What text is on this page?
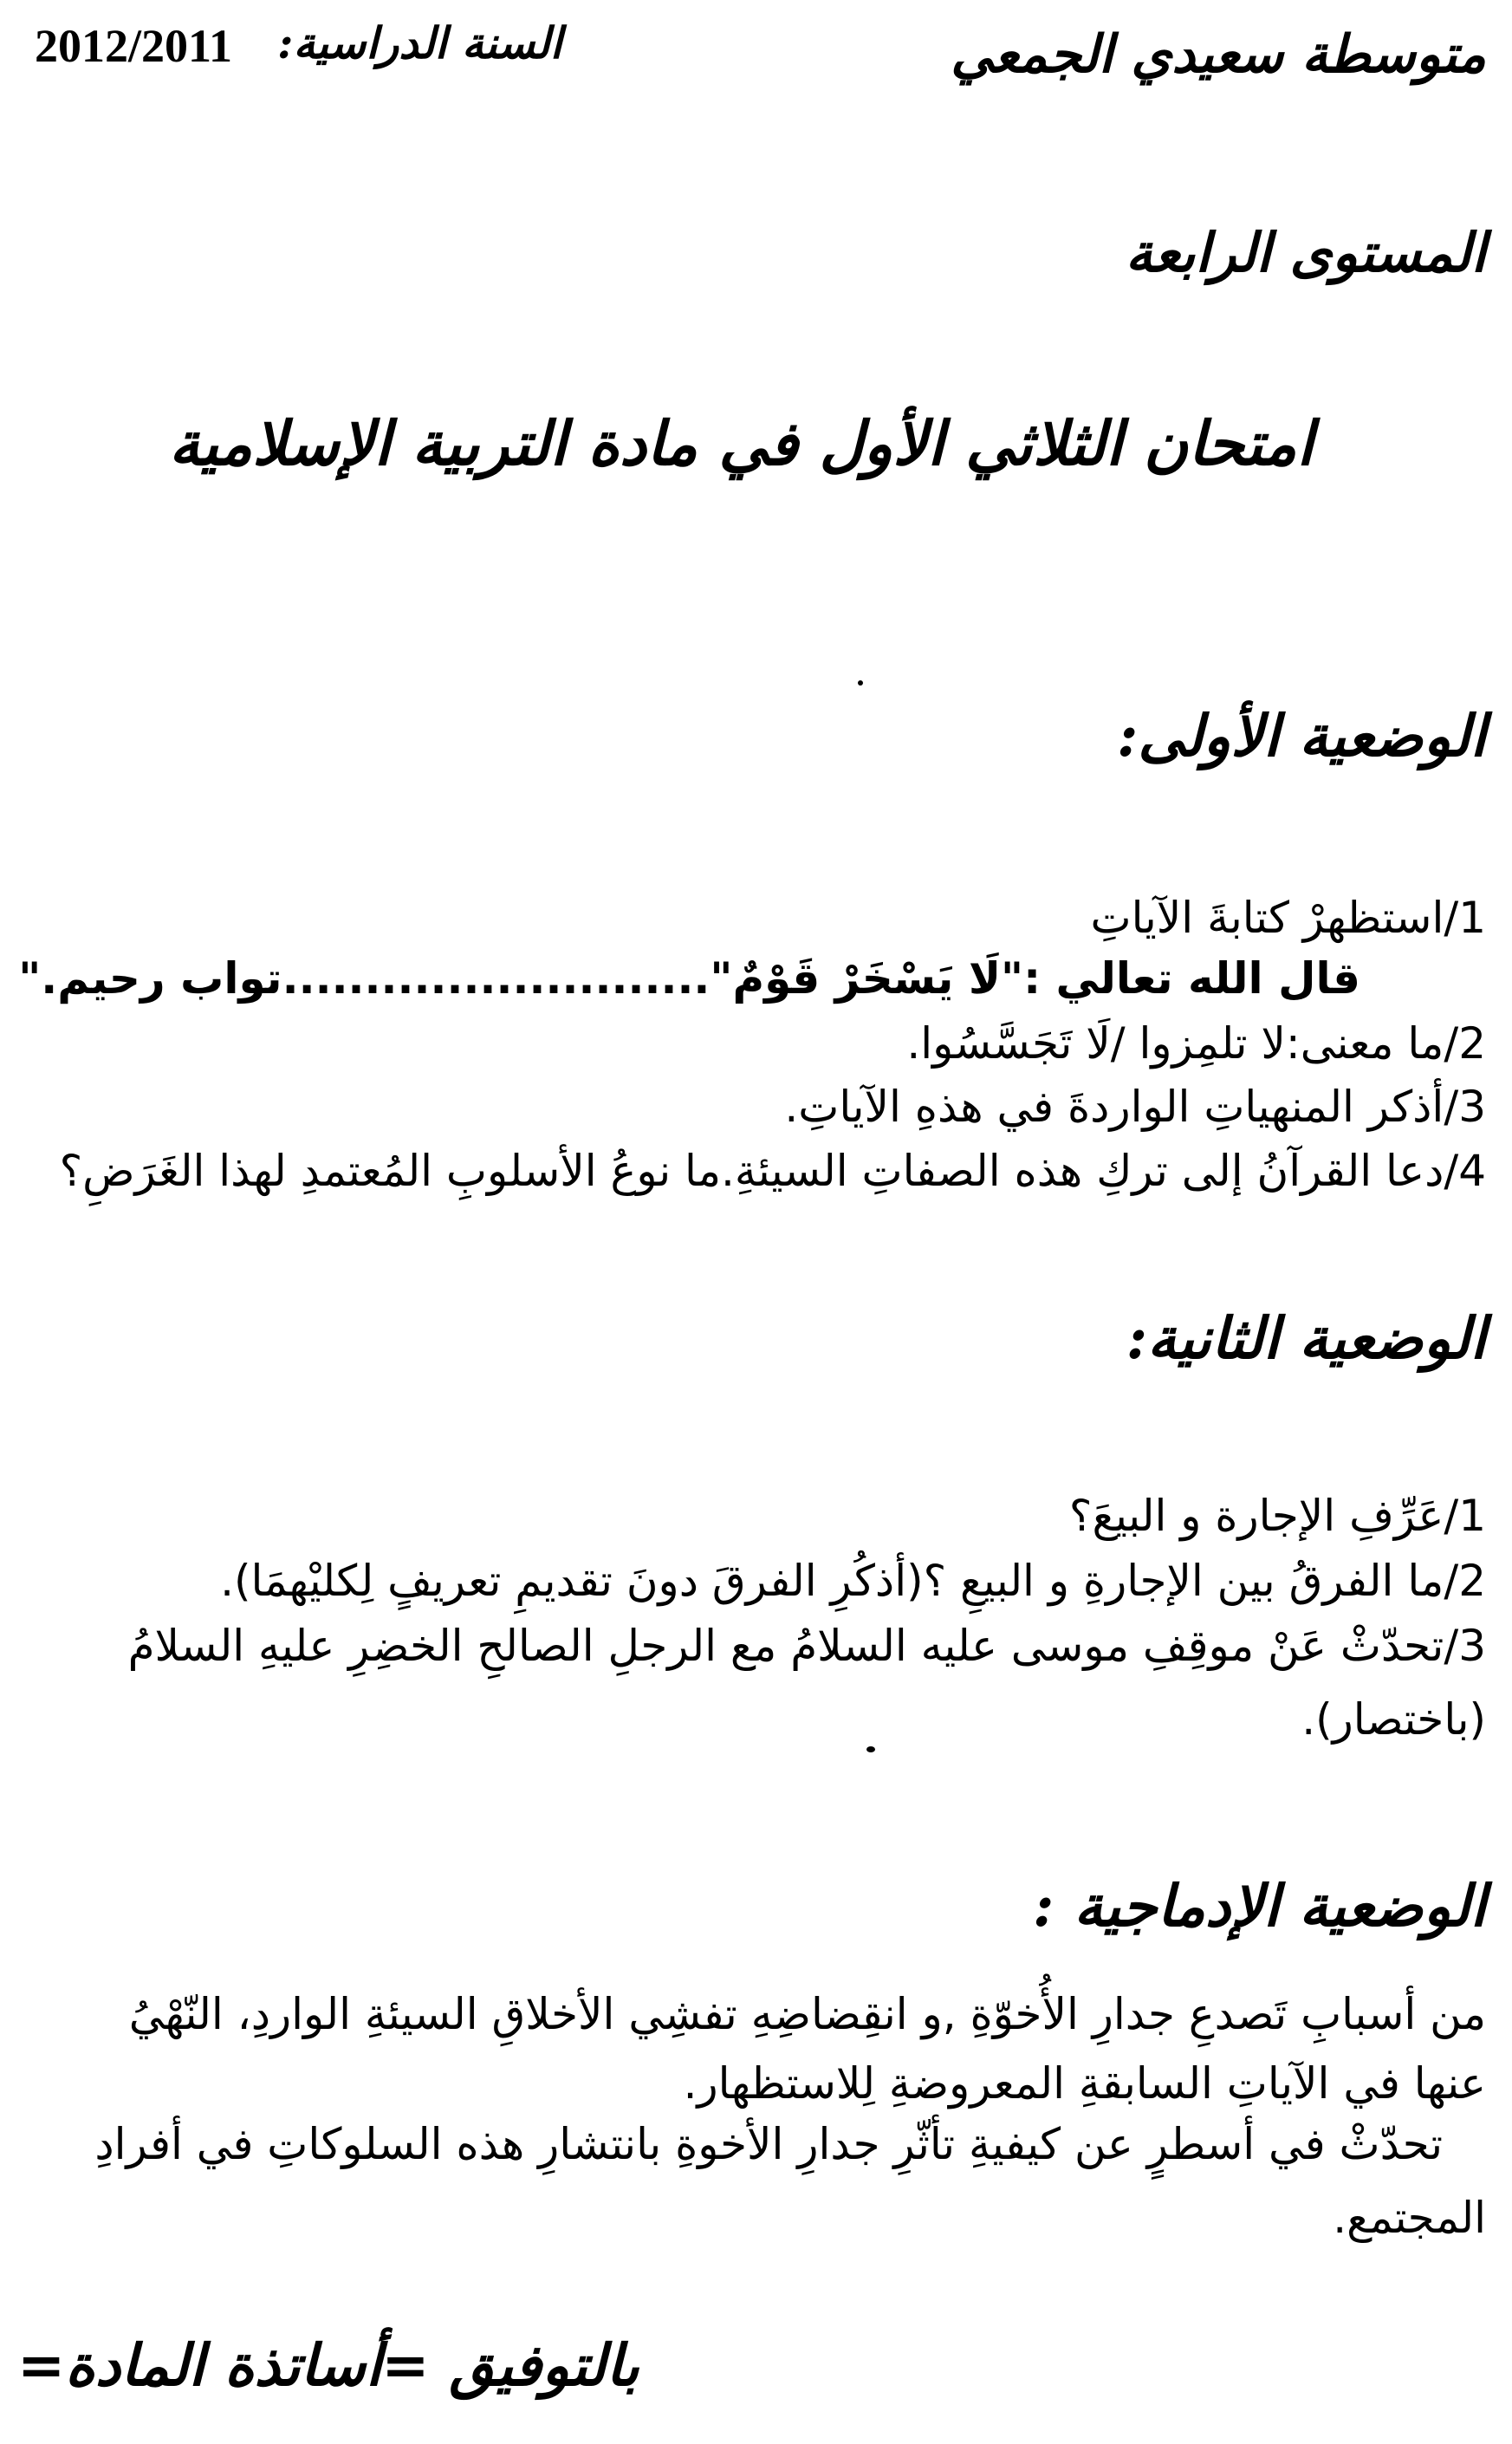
متوسطة سعيدي الجمعي
السنة الدراسية:
2012/2011
المستوى الرابعة
امتحان الثلاثي الأول في مادة التربية الإسلامية
الوضعية الأولى:
1/استظهرْ كتابةَ الآياتِ
قال الله تعالي :"لَا يَسْخَرْ قَوْمٌ"..........................تواب رحيم."
2/ما معنى:لا تلمِزوا /لَا تَجَسَّسُوا.
3/أذكر المنهياتِ الواردةَ في هذهِ الآياتِ.
4/دعا القرآنُ إلى تركِ هذه الصفاتِ السيئةِ.ما نوعُ الأسلوبِ المُعتمدِ لهذا الغَرَضِ؟
الوضعية الثانية:
1/عَرِّفِ الإجارة و البيعَ؟
2/ما الفرقُ بين الإجارةِ و البيعِ ؟(أذكُرِ الفرقَ دونَ تقديمِ تعريفٍ لِكليْهمَا).
3/تحدّثْ عَنْ موقِفِ موسى عليه السلامُ مع الرجلِ الصالحِ الخضِرِ عليهِ السلامُ
(باختصار).
الوضعية الإدماجية :
من أسبابِ تَصدعِ جدارِ الأُخوّةِ ,و انقِضاضِهِ تفشِي الأخلاقِ السيئةِ الواردِ، النّهْيُ
عنها في الآياتِ السابقةِ المعروضةِ لِلاستظهار.
تحدّثْ في أسطرٍ عن كيفيةِ تأثّرِ جدارِ الأخوةِ بانتشارِ هذه السلوكاتِ في أفرادِ
المجتمع.
بالتوفيق =أساتذة المادة=
